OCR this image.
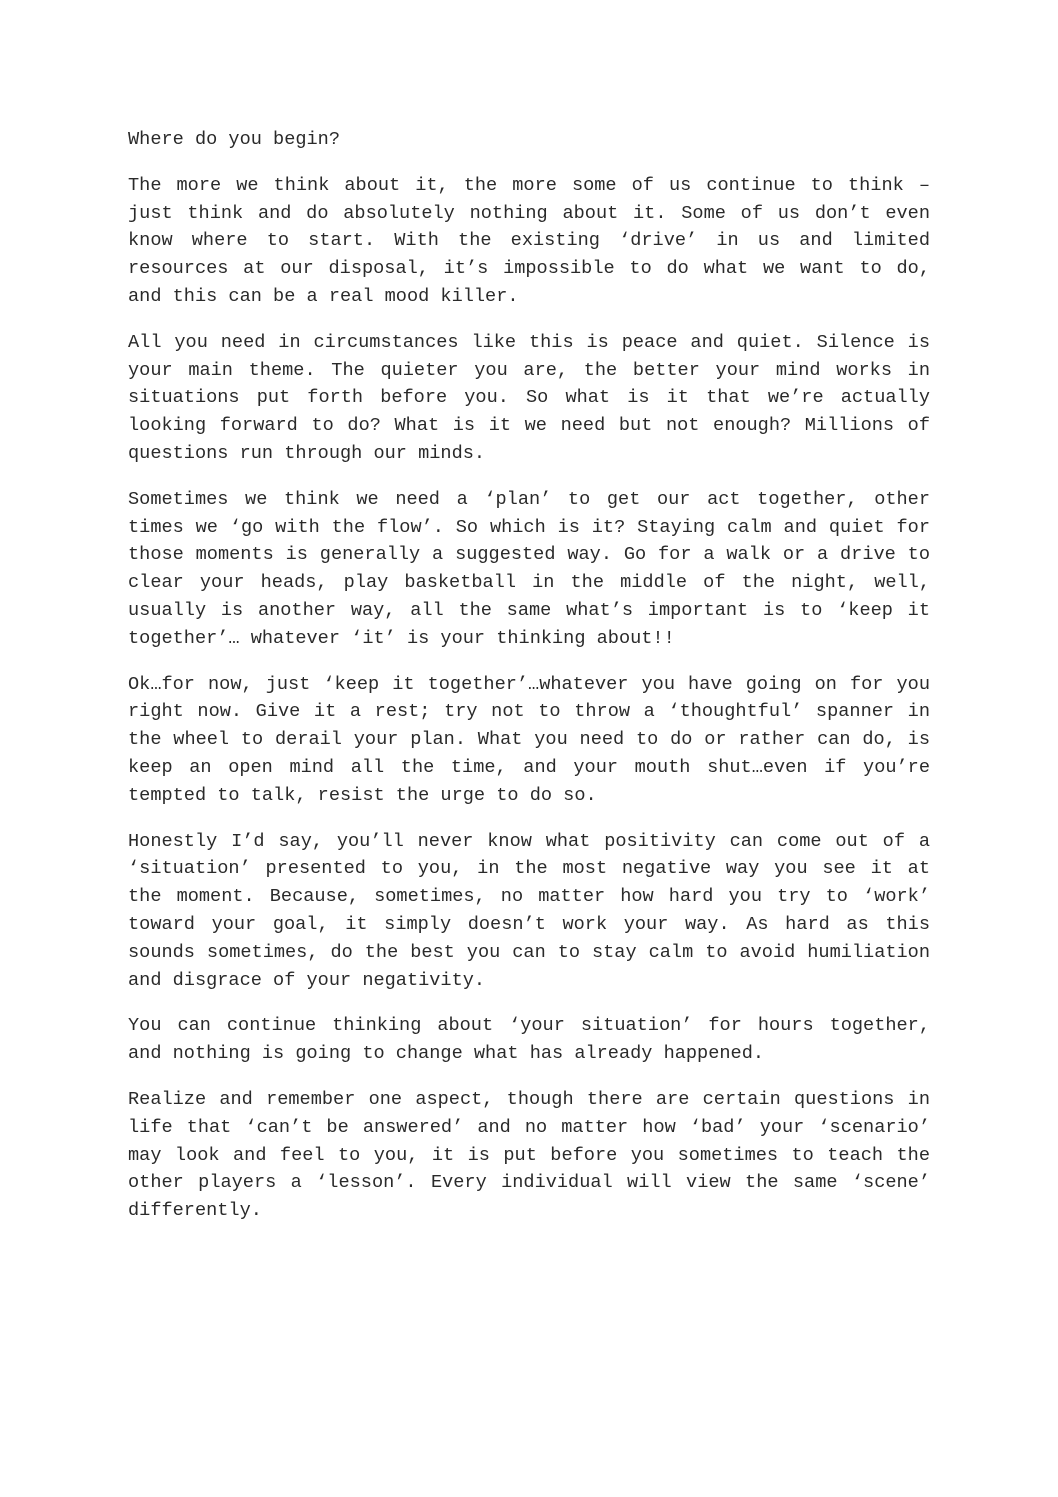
Where do you begin?

The more we think about it, the more some of us continue to think – just think and do absolutely nothing about it. Some of us don’t even know where to start. With the existing ‘drive’ in us and limited resources at our disposal, it’s impossible to do what we want to do, and this can be a real mood killer.

All you need in circumstances like this is peace and quiet. Silence is your main theme. The quieter you are, the better your mind works in situations put forth before you. So what is it that we’re actually looking forward to do? What is it we need but not enough? Millions of questions run through our minds.

Sometimes we think we need a ‘plan’ to get our act together, other times we ‘go with the flow’. So which is it? Staying calm and quiet for those moments is generally a suggested way. Go for a walk or a drive to clear your heads, play basketball in the middle of the night, well, usually is another way, all the same what’s important is to ‘keep it together’… whatever ‘it’ is your thinking about!!

Ok…for now, just ‘keep it together’…whatever you have going on for you right now. Give it a rest; try not to throw a ‘thoughtful’ spanner in the wheel to derail your plan. What you need to do or rather can do, is keep an open mind all the time, and your mouth shut…even if you’re tempted to talk, resist the urge to do so.

Honestly I’d say, you’ll never know what positivity can come out of a ‘situation’ presented to you, in the most negative way you see it at the moment. Because, sometimes, no matter how hard you try to ‘work’ toward your goal, it simply doesn’t work your way. As hard as this sounds sometimes, do the best you can to stay calm to avoid humiliation and disgrace of your negativity.

You can continue thinking about ‘your situation’ for hours together, and nothing is going to change what has already happened.

Realize and remember one aspect, though there are certain questions in life that ‘can’t be answered’ and no matter how ‘bad’ your ‘scenario’ may look and feel to you, it is put before you sometimes to teach the other players a ‘lesson’. Every individual will view the same ‘scene’ differently.
